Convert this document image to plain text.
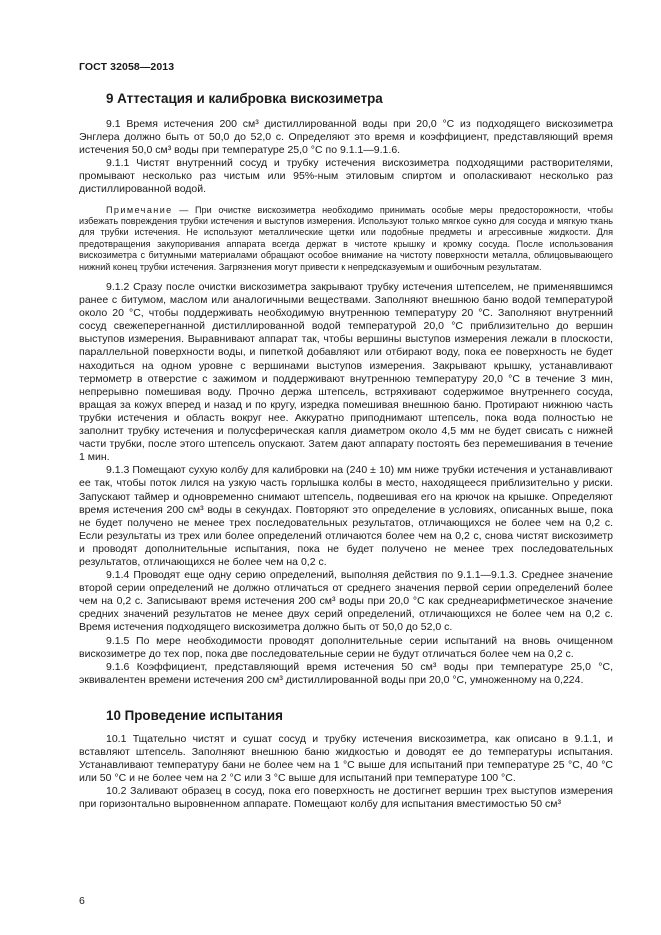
ГОСТ 32058—2013
9 Аттестация и калибровка вискозиметра

9.1 Время истечения 200 см³ дистиллированной воды при 20,0 °С из подходящего вискозиметра Энглера должно быть от 50,0 до 52,0 с. Определяют это время и коэффициент, представляющий время истечения 50,0 см³ воды при температуре 25,0 °С по 9.1.1—9.1.6.

9.1.1 Чистят внутренний сосуд и трубку истечения вискозиметра подходящими растворителями, промывают несколько раз чистым или 95%-ным этиловым спиртом и ополаскивают несколько раз дистиллированной водой.

Примечание — При очистке вискозиметра необходимо принимать особые меры предосторожности, чтобы избежать повреждения трубки истечения и выступов измерения. Используют только мягкое сукно для сосуда и мягкую ткань для трубки истечения. Не используют металлические щетки или подобные предметы и агрессивные жидкости. Для предотвращения закупоривания аппарата всегда держат в чистоте крышку и кромку сосуда. После использования вискозиметра с битумными материалами обращают особое внимание на чистоту поверхности металла, облицовывающего нижний конец трубки истечения. Загрязнения могут привести к непредсказуемым и ошибочным результатам.

9.1.2 Сразу после очистки вискозиметра закрывают трубку истечения штепселем, не применявшимся ранее с битумом, маслом или аналогичными веществами. Заполняют внешнюю баню водой температурой около 20 °С, чтобы поддерживать необходимую внутреннюю температуру 20 °С. Заполняют внутренний сосуд свежеперегнанной дистиллированной водой температурой 20,0 °С приблизительно до вершин выступов измерения. Выравнивают аппарат так, чтобы вершины выступов измерения лежали в плоскости, параллельной поверхности воды, и пипеткой добавляют или отбирают воду, пока ее поверхность не будет находиться на одном уровне с вершинами выступов измерения. Закрывают крышку, устанавливают термометр в отверстие с зажимом и поддерживают внутреннюю температуру 20,0 °С в течение 3 мин, непрерывно помешивая воду. Прочно держа штепсель, встряхивают содержимое внутреннего сосуда, вращая за кожух вперед и назад и по кругу, изредка помешивая внешнюю баню. Протирают нижнюю часть трубки истечения и область вокруг нее. Аккуратно приподнимают штепсель, пока вода полностью не заполнит трубку истечения и полусферическая капля диаметром около 4,5 мм не будет свисать с нижней части трубки, после этого штепсель опускают. Затем дают аппарату постоять без перемешивания в течение 1 мин.

9.1.3 Помещают сухую колбу для калибровки на (240 ± 10) мм ниже трубки истечения и устанавливают ее так, чтобы поток лился на узкую часть горлышка колбы в место, находящееся приблизительно у риски. Запускают таймер и одновременно снимают штепсель, подвешивая его на крючок на крышке. Определяют время истечения 200 см³ воды в секундах. Повторяют это определение в условиях, описанных выше, пока не будет получено не менее трех последовательных результатов, отличающихся не более чем на 0,2 с. Если результаты из трех или более определений отличаются более чем на 0,2 с, снова чистят вискозиметр и проводят дополнительные испытания, пока не будет получено не менее трех последовательных результатов, отличающихся не более чем на 0,2 с.

9.1.4 Проводят еще одну серию определений, выполняя действия по 9.1.1—9.1.3. Среднее значение второй серии определений не должно отличаться от среднего значения первой серии определений более чем на 0,2 с. Записывают время истечения 200 см³ воды при 20,0 °С как среднеарифметическое значение средних значений результатов не менее двух серий определений, отличающихся не более чем на 0,2 с. Время истечения подходящего вискозиметра должно быть от 50,0 до 52,0 с.

9.1.5 По мере необходимости проводят дополнительные серии испытаний на вновь очищенном вискозиметре до тех пор, пока две последовательные серии не будут отличаться более чем на 0,2 с.

9.1.6 Коэффициент, представляющий время истечения 50 см³ воды при температуре 25,0 °С, эквивалентен времени истечения 200 см³ дистиллированной воды при 20,0 °С, умноженному на 0,224.

10 Проведение испытания

10.1 Тщательно чистят и сушат сосуд и трубку истечения вискозиметра, как описано в 9.1.1, и вставляют штепсель. Заполняют внешнюю баню жидкостью и доводят ее до температуры испытания. Устанавливают температуру бани не более чем на 1 °С выше для испытаний при температуре 25 °С, 40 °С или 50 °С и не более чем на 2 °С или 3 °С выше для испытаний при температуре 100 °С.

10.2 Заливают образец в сосуд, пока его поверхность не достигнет вершин трех выступов измерения при горизонтально выровненном аппарате. Помещают колбу для испытания вместимостью 50 см³

6
